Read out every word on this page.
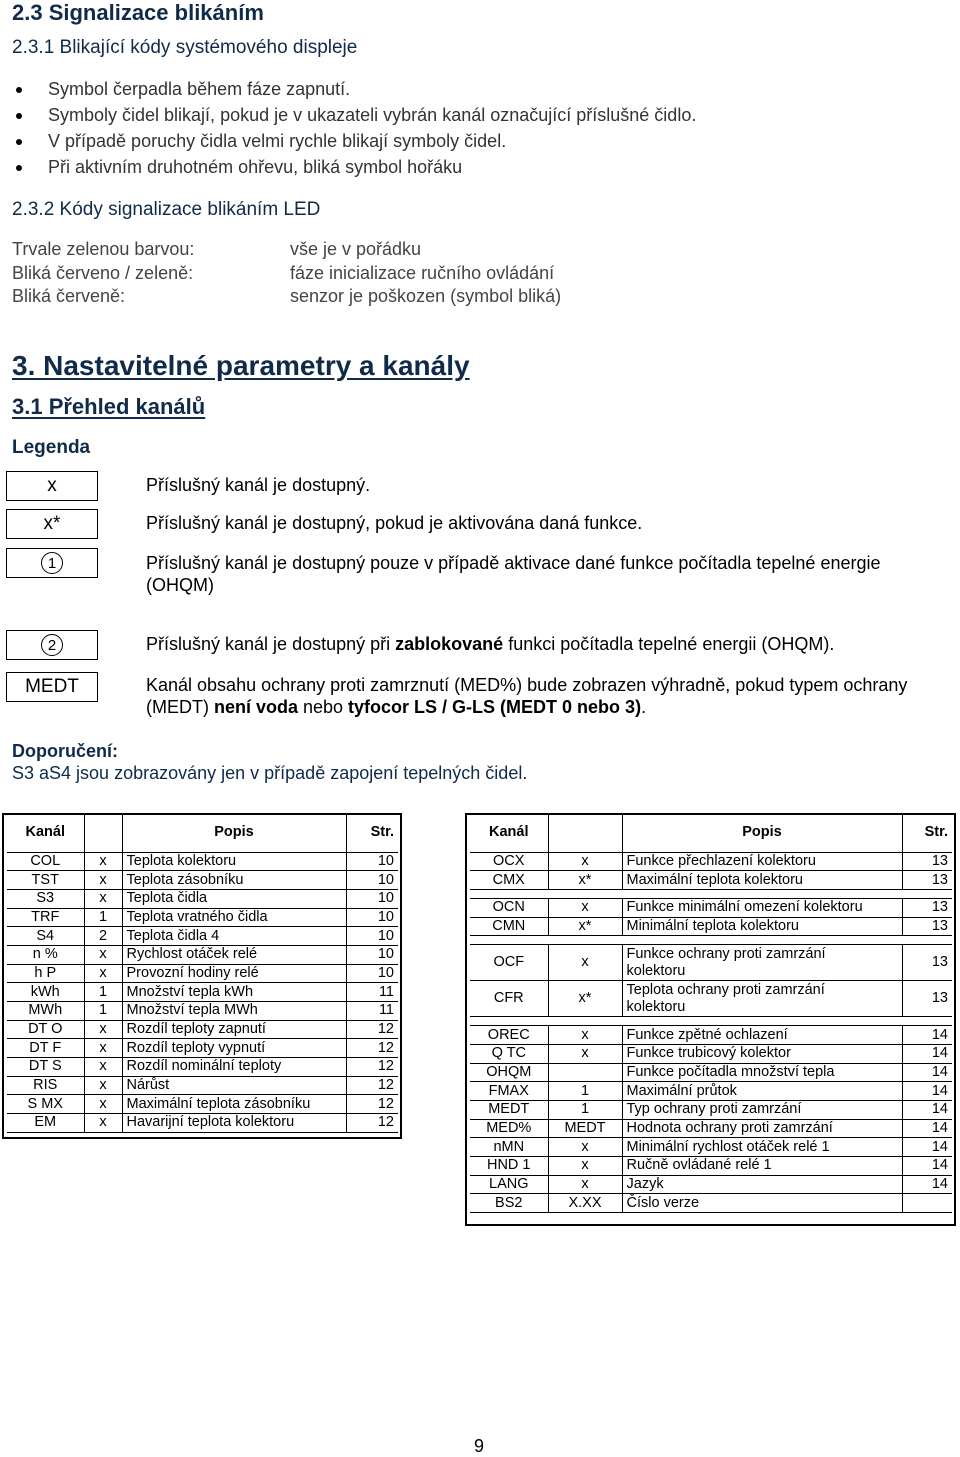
2.3 Signalizace blikáním
2.3.1 Blikající kódy systémového displeje
Symbol čerpadla během fáze zapnutí.
Symboly čidel blikají, pokud je v ukazateli vybrán kanál označující příslušné čidlo.
V případě poruchy čidla velmi rychle blikají symboly čidel.
Při aktivním druhotném ohřevu, bliká symbol hořáku
2.3.2 Kódy signalizace blikáním LED
Trvale zelenou barvou:	vše je v pořádku
Bliká červeno / zeleně:	fáze inicializace ručního ovládání
Bliká červeně:	senzor je poškozen (symbol bliká)
3. Nastavitelné parametry a kanály
3.1 Přehled kanálů
Legenda
x	Příslušný kanál je dostupný.
x*	Příslušný kanál je dostupný, pokud je aktivována daná funkce.
1	Příslušný kanál je dostupný pouze v případě aktivace dané funkce počítadla tepelné energie (OHQM)
2	Příslušný kanál je dostupný při zablokované funkci počítadla tepelné energii (OHQM).
MEDT	Kanál obsahu ochrany proti zamrznutí (MED%) bude zobrazen výhradně, pokud typem ochrany (MEDT) není voda nebo tyfocor LS / G-LS (MEDT 0 nebo 3).
Doporučení:
S3 aS4 jsou zobrazovány jen v případě zapojení tepelných čidel.
Kanál		Popis	Str.
COL	x	Teplota kolektoru	10
TST	x	Teplota zásobníku	10
S3	x	Teplota čidla	10
TRF	1	Teplota vratného čidla	10
S4	2	Teplota čidla 4	10
n %	x	Rychlost otáček relé	10
h P	x	Provozní hodiny relé	10
kWh	1	Množství tepla kWh	11
MWh	1	Množství tepla MWh	11
DT O	x	Rozdíl teploty zapnutí	12
DT F	x	Rozdíl teploty vypnutí	12
DT S	x	Rozdíl nominální teploty	12
RIS	x	Nárůst	12
S MX	x	Maximální teplota zásobníku	12
EM	x	Havarijní teplota kolektoru	12
Kanál		Popis	Str.
OCX	x	Funkce přechlazení kolektoru	13
CMX	x*	Maximální teplota kolektoru	13

OCN	x	Funkce minimální omezení kolektoru	13
CMN	x*	Minimální teplota kolektoru	13

OCF	x	Funkce ochrany proti zamrzání kolektoru	13
CFR	x*	Teplota ochrany proti zamrzání kolektoru	13

OREC	x	Funkce zpětné ochlazení	14
Q TC	x	Funkce trubicový kolektor	14
OHQM		Funkce počítadla množství tepla	14
FMAX	1	Maximální průtok	14
MEDT	1	Typ ochrany proti zamrzání	14
MED%	MEDT	Hodnota ochrany proti zamrzání	14
nMN	x	Minimální rychlost otáček relé 1	14
HND 1	x	Ručně ovládané relé 1	14
LANG	x	Jazyk	14
BS2	X.XX	Číslo verze	
9
